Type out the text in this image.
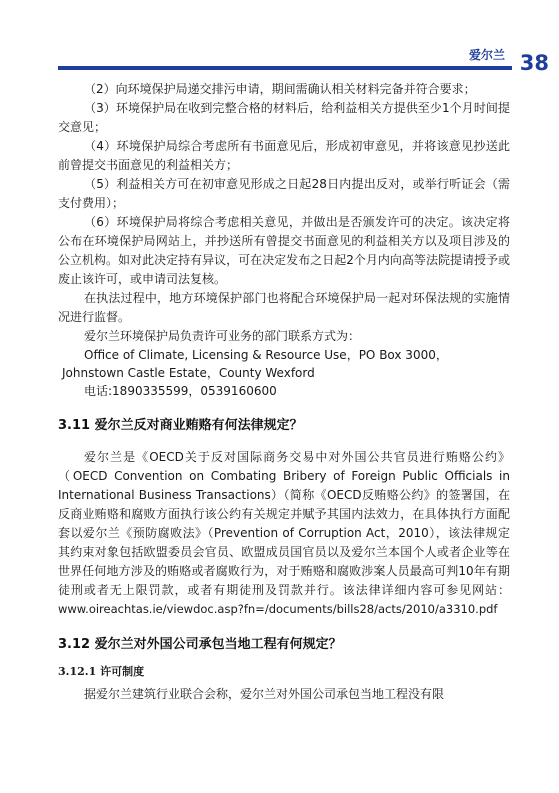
爱尔兰 38

（2）向环境保护局递交排污申请，期间需确认相关材料完备并符合要求；

（3）环境保护局在收到完整合格的材料后，给利益相关方提供至少1个月时间提交意见；

（4）环境保护局综合考虑所有书面意见后，形成初审意见，并将该意见抄送此前曾提交书面意见的利益相关方；

（5）利益相关方可在初审意见形成之日起28日内提出反对，或举行听证会（需支付费用）；

（6）环境保护局将综合考虑相关意见，并做出是否颁发许可的决定。该决定将公布在环境保护局网站上，并抄送所有曾提交书面意见的利益相关方以及项目涉及的公立机构。如对此决定持有异议，可在决定发布之日起2个月内向高等法院提请授予或废止该许可，或申请司法复核。

在执法过程中，地方环境保护部门也将配合环境保护局一起对环保法规的实施情况进行监督。

爱尔兰环境保护局负责许可业务的部门联系方式为：

Office of Climate, Licensing & Resource Use，PO Box 3000，
Johnstown Castle Estate，County Wexford
电话:1890335599，0539160600
3.11 爱尔兰反对商业贿赂有何法律规定？

爱尔兰是《OECD关于反对国际商务交易中对外国公共官员进行贿赂公约》（OECD Convention on Combating Bribery of Foreign Public Officials in International Business Transactions）（简称《OECD反贿赂公约》的签署国，在反商业贿赂和腐败方面执行该公约有关规定并赋予其国内法效力，在具体执行方面配套以爱尔兰《预防腐败法》（Prevention of Corruption Act，2010），该法律规定其约束对象包括欧盟委员会官员、欧盟成员国官员以及爱尔兰本国个人或者企业等在世界任何地方涉及的贿赂或者腐败行为，对于贿赂和腐败涉案人员最高可判10年有期徒刑或者无上限罚款，或者有期徒刑及罚款并行。该法律详细内容可参见网站：www.oireachtas.ie/viewdoc.asp?fn=/documents/bills28/acts/2010/a3310.pdf

3.12 爱尔兰对外国公司承包当地工程有何规定？
3.12.1 许可制度

据爱尔兰建筑行业联合会称，爱尔兰对外国公司承包当地工程没有限
